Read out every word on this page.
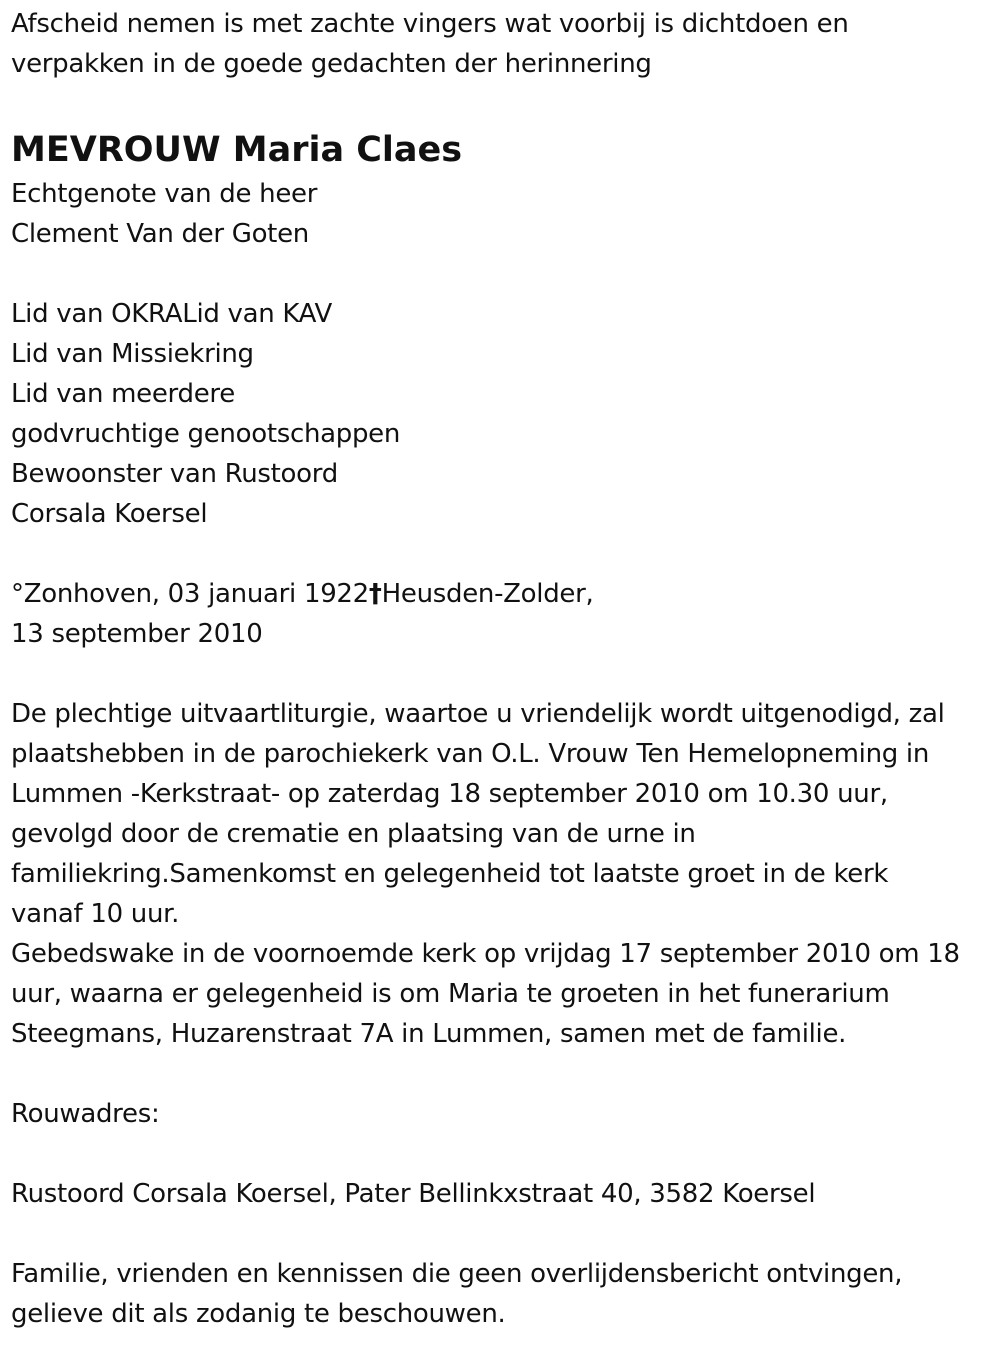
Afscheid nemen is met zachte vingers wat voorbij is dichtdoen en
verpakken in de goede gedachten der herinnering
MEVROUW Maria Claes
Echtgenote van de heer
Clement Van der Goten
Lid van OKRALid van KAV
Lid van Missiekring
Lid van meerdere
godvruchtige genootschappen
Bewoonster van Rustoord
Corsala Koersel
°Zonhoven, 03 januari 1922†Heusden-Zolder,
13 september 2010
De plechtige uitvaartliturgie, waartoe u vriendelijk wordt uitgenodigd, zal
plaatshebben in de parochiekerk van O.L. Vrouw Ten Hemelopneming in
Lummen -Kerkstraat- op zaterdag 18 september 2010 om 10.30 uur,
gevolgd door de crematie en plaatsing van de urne in
familiekring.Samenkomst en gelegenheid tot laatste groet in de kerk
vanaf 10 uur.
Gebedswake in de voornoemde kerk op vrijdag 17 september 2010 om 18
uur, waarna er gelegenheid is om Maria te groeten in het funerarium
Steegmans, Huzarenstraat 7A in Lummen, samen met de familie.
Rouwadres:
Rustoord Corsala Koersel, Pater Bellinkxstraat 40, 3582 Koersel
Familie, vrienden en kennissen die geen overlijdensbericht ontvingen,
gelieve dit als zodanig te beschouwen.
